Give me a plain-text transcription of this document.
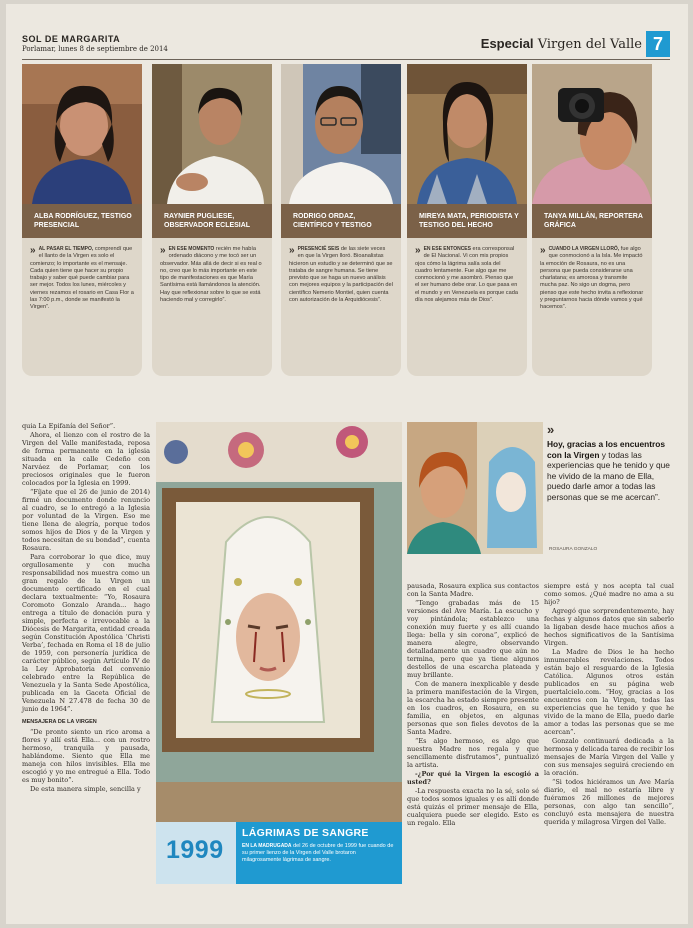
SOL DE MARGARITA
Porlamar, lunes 8 de septiembre de 2014	Especial Virgen del Valle 7
ALBA RODRÍGUEZ, TESTIGO PRESENCIAL
» AL PASAR EL TIEMPO, comprendí que el llanto de la Virgen es solo el comienzo; lo importante es el mensaje. Cada quien tiene que hacer su propio trabajo y saber qué puede cambiar para ser mejor. Todos los lunes, miércoles y viernes rezamos el rosario en Casa Flor a las 7:00 p.m., donde se manifestó la Virgen”.
RAYNIER PUGLIESE, OBSERVADOR ECLESIAL
» EN ESE MOMENTO recién me había ordenado diácono y me tocó ser un observador. Más allá de decir si es real o no, creo que lo más importante en este tipo de manifestaciones es que María Santísima está llamándonos la atención. Hay que reflexionar sobre lo que se está haciendo mal y corregirlo”.
RODRIGO ORDAZ, CIENTÍFICO Y TESTIGO
» PRESENCIÉ SEIS de las siete veces en que la Virgen lloró. Bioanalistas hicieron un estudio y se determinó que se trataba de sangre humana. Se tiene previsto que se haga un nuevo análisis con mejores equipos y la participación del científico Nemerio Montiel, quien cuenta con autorización de la Arquidiócesis”.
MIREYA MATA, PERIODISTA Y TESTIGO DEL HECHO
» EN ESE ENTONCES era corresponsal de El Nacional. Vi con mis propios ojos cómo la lágrima salía sola del cuadro lentamente. Fue algo que me conmocionó y me asombró. Pienso que el ser humano debe orar. Lo que pasa en el mundo y en Venezuela es porque cada día nos alejamos más de Dios”.
TANYA MILLÁN, REPORTERA GRÁFICA
» CUANDO LA VIRGEN LLORÓ, fue algo que conmocionó a la Isla. Me impactó la emoción de Rosaura, no es una persona que pueda considerarse una charlatana; es amorosa y transmite mucha paz. No sigo un dogma, pero pienso que este hecho invita a reflexionar y preguntarnos hacia dónde vamos y qué hacemos”.

quia La Epifanía del Señor”.

Ahora, el lienzo con el rostro de la Virgen del Valle manifestada, reposa de forma permanente en la iglesia situada en la calle Cedeño con Narváez de Porlamar, con los preciosos originales que le fueron colocados por la Iglesia en 1999.

“Fíjate que el 26 de junio de 2014) firmé un documento donde renuncio al cuadro, se lo entregó a la Iglesia por voluntad de la Virgen. Eso me tiene llena de alegría, porque todos somos hijos de Dios y de la Virgen y todos necesitan de su bondad”, cuenta Rosaura.

Para corroborar lo que dice, muy orgullosamente y con mucha responsabilidad nos muestra como un gran regalo de la Virgen un documento certificado en el cual declara textualmente: “Yo, Rosaura Coromoto Gonzalo Aranda... hago entrega a título de donación pura y simple, perfecta e irrevocable a la Diócesis de Margarita, entidad creada según Constitución Apostólica ‘Christi Verba’, fechada en Roma el 18 de julio de 1959, con personería jurídica de carácter público, según Artículo IV de la Ley Aprobatoria del convenio celebrado entre la República de Venezuela y la Santa Sede Apostólica, publicada en la Gaceta Oficial de Venezuela N 27.478 de fecha 30 de junio de 1964”.

MENSAJERA DE LA VIRGEN

“De pronto siento un rico aroma a flores y allí está Ella... con un rostro hermoso, tranquila y pausada, hablándome. Siento que Ella me maneja con hilos invisibles. Ella me escogió y yo me entregué a Ella. Todo es muy bonito”.

De esta manera simple, sencilla y

»
Hoy, gracias a los encuentros con la Virgen y todas las experiencias que he tenido y que he vivido de la mano de Ella, puedo darle amor a todas las personas que se me acercan”.
ROSAURA GONZALO

pausada, Rosaura explica sus contactos con la Santa Madre.

“Tengo grabadas más de 15 versiones del Ave María. La escucho y voy pintándola; establezco una conexión muy fuerte y es allí cuando llega: bella y sin corona”, explicó de manera alegre, observando detalladamente un cuadro que aún no termina, pero que ya tiene algunos destellos de una escarcha plateada y muy brillante.

Con de manera inexplicable y desde la primera manifestación de la Virgen, la escarcha ha estado siempre presente en los cuadros, en Rosaura, en su familia, en objetos, en algunas personas que son fieles devotos de la Santa Madre.

“Es algo hermoso, es algo que nuestra Madre nos regala y que sencillamente disfrutamos”, puntualizó la artista.

-¿Por qué la Virgen la escogió a usted?

-La respuesta exacta no la sé, solo sé que todos somos iguales y es allí donde está quizás el primer mensaje de Ella, cualquiera puede ser elegido. Esto es un regalo. Ella

siempre está y nos acepta tal cual como somos. ¿Qué madre no ama a su hijo?

Agregó que sorprendentemente, hay fechas y algunos datos que sin saberlo la ligaban desde hace muchos años a hechos significativos de la Santísima Virgen.

La Madre de Dios le ha hecho innumerables revelaciones. Todos están bajo el resguardo de la Iglesia Católica. Algunos otros están publicados en su página web puertalcielo.com. “Hoy, gracias a los encuentros con la Virgen, todas las experiencias que he tenido y que he vivido de la mano de Ella, puedo darle amor a todas las personas que se me acercan”.

Gonzalo continuará dedicada a la hermosa y delicada tarea de recibir los mensajes de María Virgen del Valle y con sus mensajes seguirá creciendo en la oración.

“Si todos hiciéramos un Ave María diario, el mal no estaría libre y fuéramos 26 millones de mejores personas, con algo tan sencillo”, concluyó esta mensajera de nuestra querida y milagrosa Virgen del Valle.

1999
LÁGRIMAS DE SANGRE
EN LA MADRUGADA del 26 de octubre de 1999 fue cuando de su primer lienzo de la Virgen del Valle brotaron milagrosamente lágrimas de sangre.
